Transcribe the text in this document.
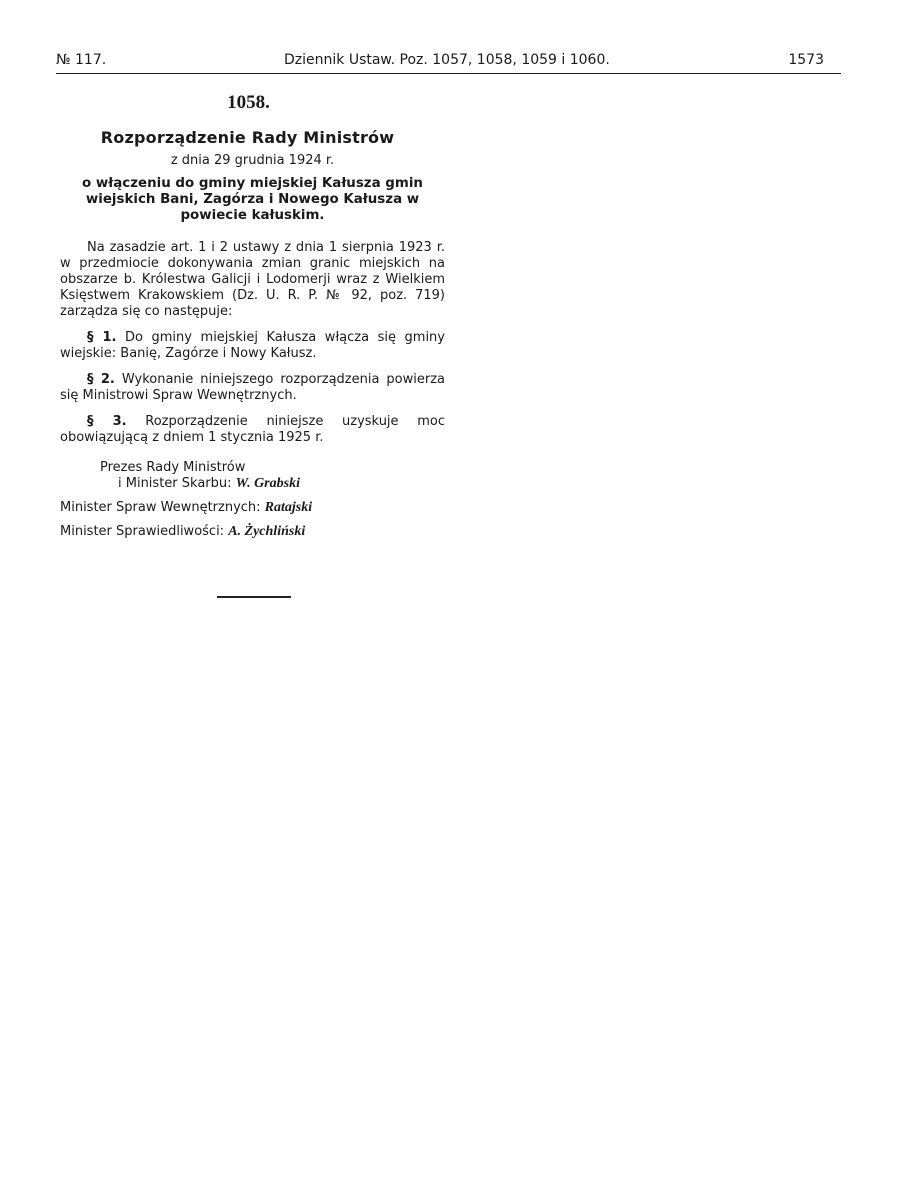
№ 117.	Dziennik Ustaw. Poz. 1057, 1058, 1059 i 1060.	1573
1058.
Rozporządzenie Rady Ministrów
z dnia 29 grudnia 1924 r.
o włączeniu do gminy miejskiej Kałusza gmin wiejskich Bani, Zagórza i Nowego Kałusza w powiecie kałuskim.

Na zasadzie art. 1 i 2 ustawy z dnia 1 sierpnia 1923 r. w przedmiocie dokonywania zmian granic miejskich na obszarze b. Królestwa Galicji i Lodomerji wraz z Wielkiem Księstwem Krakowskiem (Dz. U. R. P. № 92, poz. 719) zarządza się co następuje:

§ 1. Do gminy miejskiej Kałusza włącza się gminy wiejskie: Banię, Zagórze i Nowy Kałusz.

§ 2. Wykonanie niniejszego rozporządzenia powierza się Ministrowi Spraw Wewnętrznych.

§ 3. Rozporządzenie niniejsze uzyskuje moc obowiązującą z dniem 1 stycznia 1925 r.

Prezes Rady Ministrów
i Minister Skarbu: W. Grabski
Minister Spraw Wewnętrznych: Ratajski
Minister Sprawiedliwości: A. Żychliński
